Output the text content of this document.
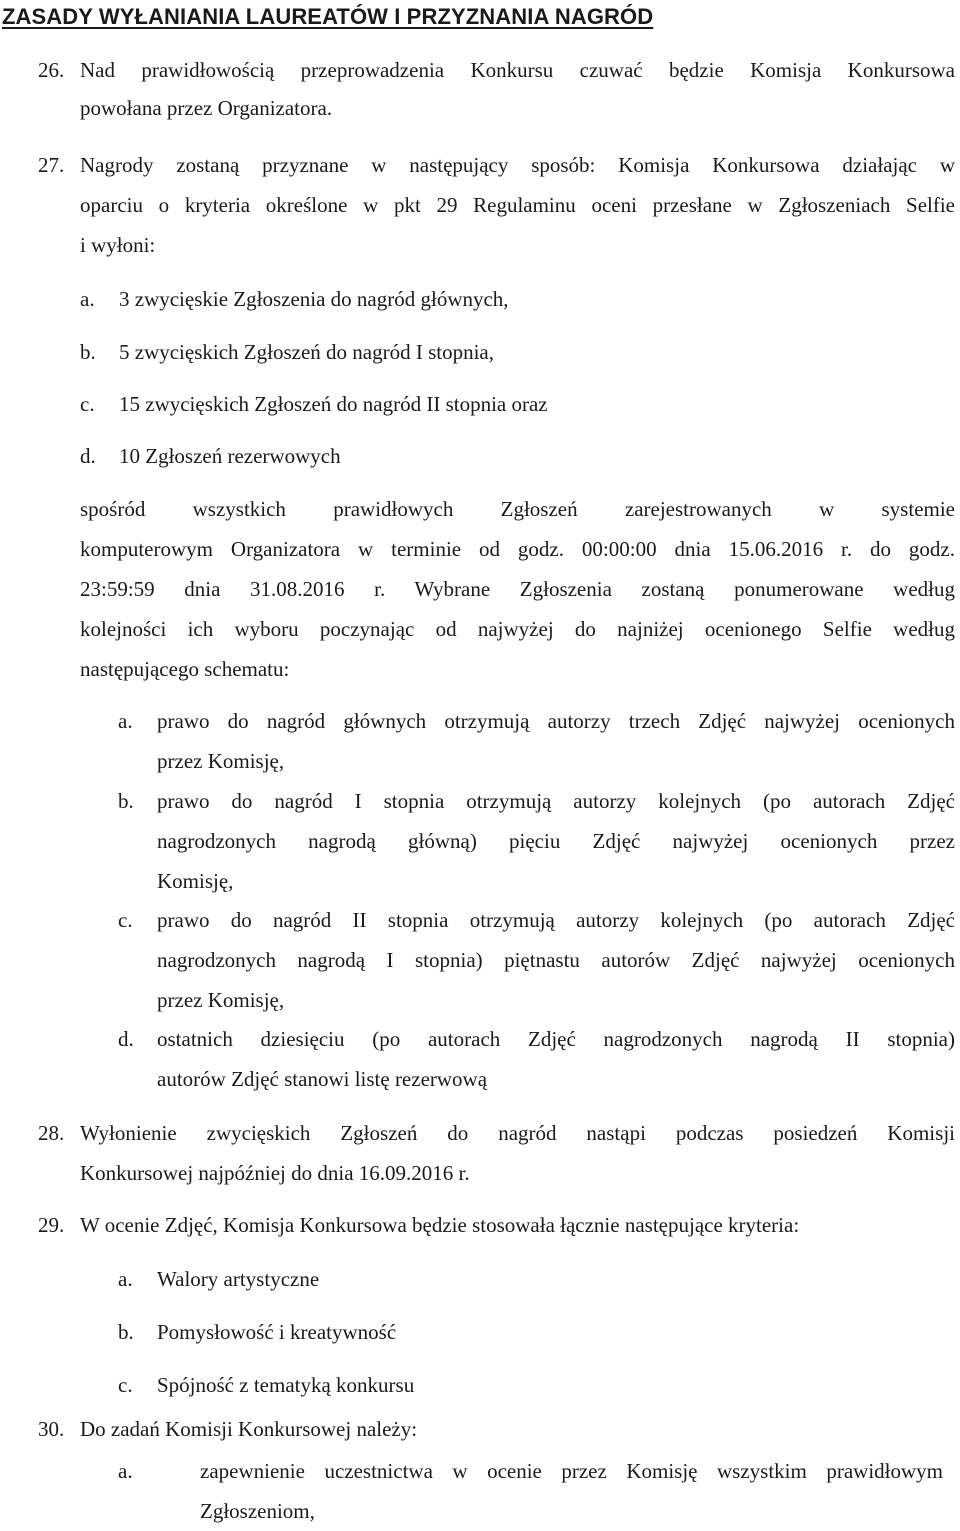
ZASADY WYŁANIANIA LAUREATÓW I PRZYZNANIA NAGRÓD
26. Nad prawidłowością przeprowadzenia Konkursu czuwać będzie Komisja Konkursowa
powołana przez Organizatora.
27. Nagrody zostaną przyznane w następujący sposób: Komisja Konkursowa działając w
oparciu o kryteria określone w pkt 29 Regulaminu oceni przesłane w Zgłoszeniach Selfie
i wyłoni:
a. 3 zwycięskie Zgłoszenia do nagród głównych,
b. 5 zwycięskich Zgłoszeń do nagród I stopnia,
c. 15 zwycięskich Zgłoszeń do nagród II stopnia oraz
d. 10 Zgłoszeń rezerwowych
spośród wszystkich prawidłowych Zgłoszeń zarejestrowanych w systemie
komputerowym Organizatora w terminie od godz. 00:00:00 dnia 15.06.2016 r. do godz.
23:59:59 dnia 31.08.2016 r. Wybrane Zgłoszenia zostaną ponumerowane według
kolejności ich wyboru poczynając od najwyżej do najniżej ocenionego Selfie według
następującego schematu:
a. prawo do nagród głównych otrzymują autorzy trzech Zdjęć najwyżej ocenionych
przez Komisję,
b. prawo do nagród I stopnia otrzymują autorzy kolejnych (po autorach Zdjęć
nagrodzonych nagrodą główną) pięciu Zdjęć najwyżej ocenionych przez
Komisję,
c. prawo do nagród II stopnia otrzymują autorzy kolejnych (po autorach Zdjęć
nagrodzonych nagrodą I stopnia) piętnastu autorów Zdjęć najwyżej ocenionych
przez Komisję,
d. ostatnich dziesięciu (po autorach Zdjęć nagrodzonych nagrodą II stopnia)
autorów Zdjęć stanowi listę rezerwową
28. Wyłonienie zwycięskich Zgłoszeń do nagród nastąpi podczas posiedzeń Komisji
Konkursowej najpóźniej do dnia 16.09.2016 r.
29. W ocenie Zdjęć, Komisja Konkursowa będzie stosowała łącznie następujące kryteria:
a. Walory artystyczne
b. Pomysłowość i kreatywność
c. Spójność z tematyką konkursu
30. Do zadań Komisji Konkursowej należy:
a.	zapewnienie uczestnictwa w ocenie przez Komisję wszystkim prawidłowym
Zgłoszeniom,
